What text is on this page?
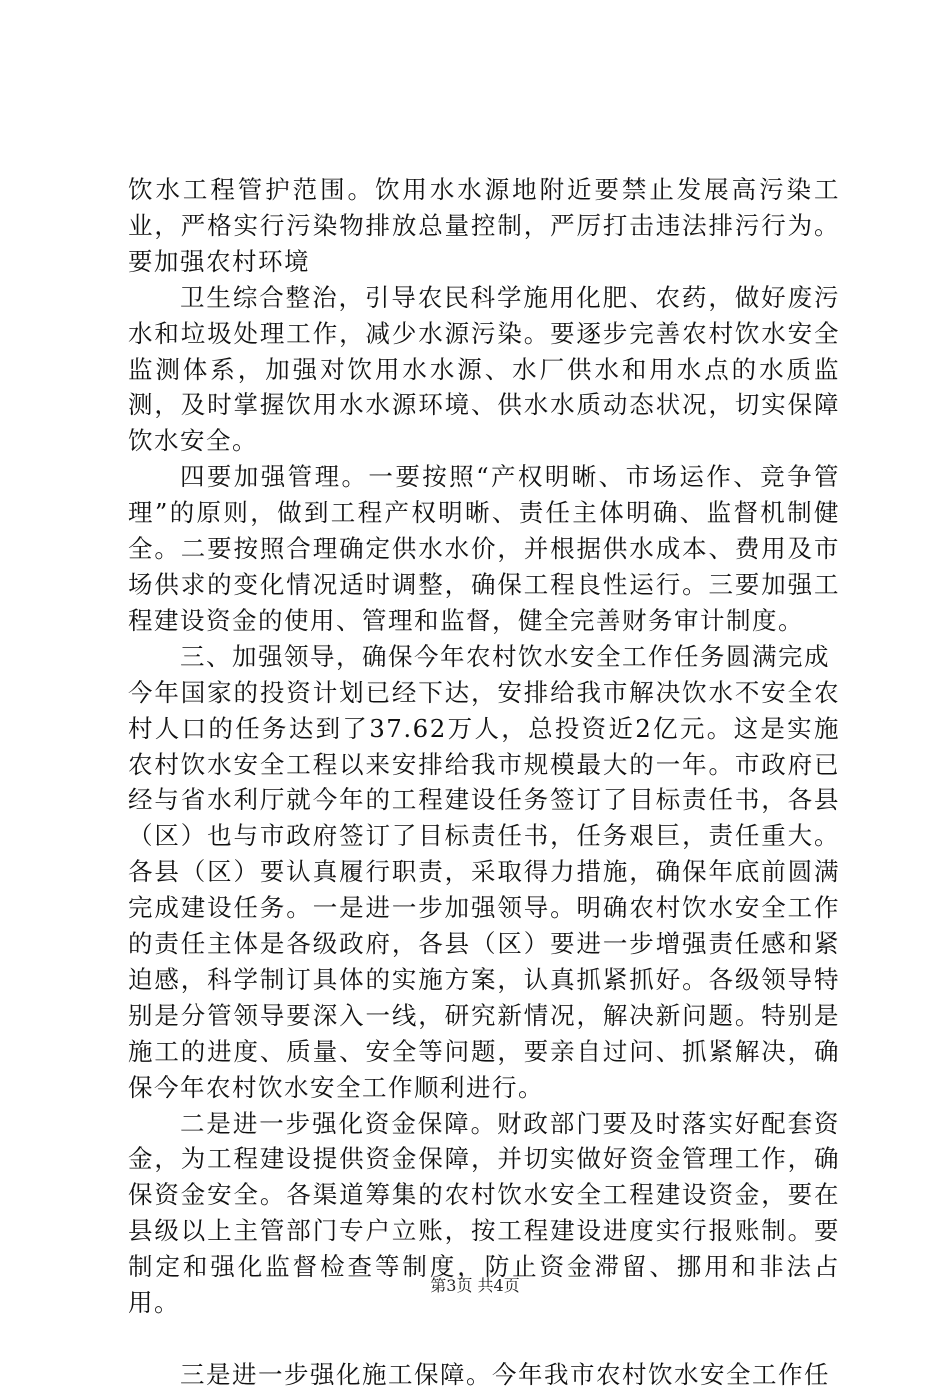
饮水工程管护范围。饮用水水源地附近要禁止发展高污染工业，严格实行污染物排放总量控制，严厉打击违法排污行为。要加强农村环境

卫生综合整治，引导农民科学施用化肥、农药，做好废污水和垃圾处理工作，减少水源污染。要逐步完善农村饮水安全监测体系，加强对饮用水水源、水厂供水和用水点的水质监测，及时掌握饮用水水源环境、供水水质动态状况，切实保障饮水安全。

四要加强管理。一要按照“产权明晰、市场运作、竞争管理”的原则，做到工程产权明晰、责任主体明确、监督机制健全。二要按照合理确定供水水价，并根据供水成本、费用及市场供求的变化情况适时调整，确保工程良性运行。三要加强工程建设资金的使用、管理和监督，健全完善财务审计制度。

三、加强领导，确保今年农村饮水安全工作任务圆满完成

今年国家的投资计划已经下达，安排给我市解决饮水不安全农村人口的任务达到了37.62万人，总投资近2亿元。这是实施农村饮水安全工程以来安排给我市规模最大的一年。市政府已经与省水利厅就今年的工程建设任务签订了目标责任书，各县（区）也与市政府签订了目标责任书，任务艰巨，责任重大。各县（区）要认真履行职责，采取得力措施，确保年底前圆满完成建设任务。一是进一步加强领导。明确农村饮水安全工作的责任主体是各级政府，各县（区）要进一步增强责任感和紧迫感，科学制订具体的实施方案，认真抓紧抓好。各级领导特别是分管领导要深入一线，研究新情况，解决新问题。特别是施工的进度、质量、安全等问题，要亲自过问、抓紧解决，确保今年农村饮水安全工作顺利进行。

二是进一步强化资金保障。财政部门要及时落实好配套资金，为工程建设提供资金保障，并切实做好资金管理工作，确保资金安全。各渠道筹集的农村饮水安全工程建设资金，要在县级以上主管部门专户立账，按工程建设进度实行报账制。要制定和强化监督检查等制度，防止资金滞留、挪用和非法占用。

三是进一步强化施工保障。今年我市农村饮水安全工作任

第3页 共4页
